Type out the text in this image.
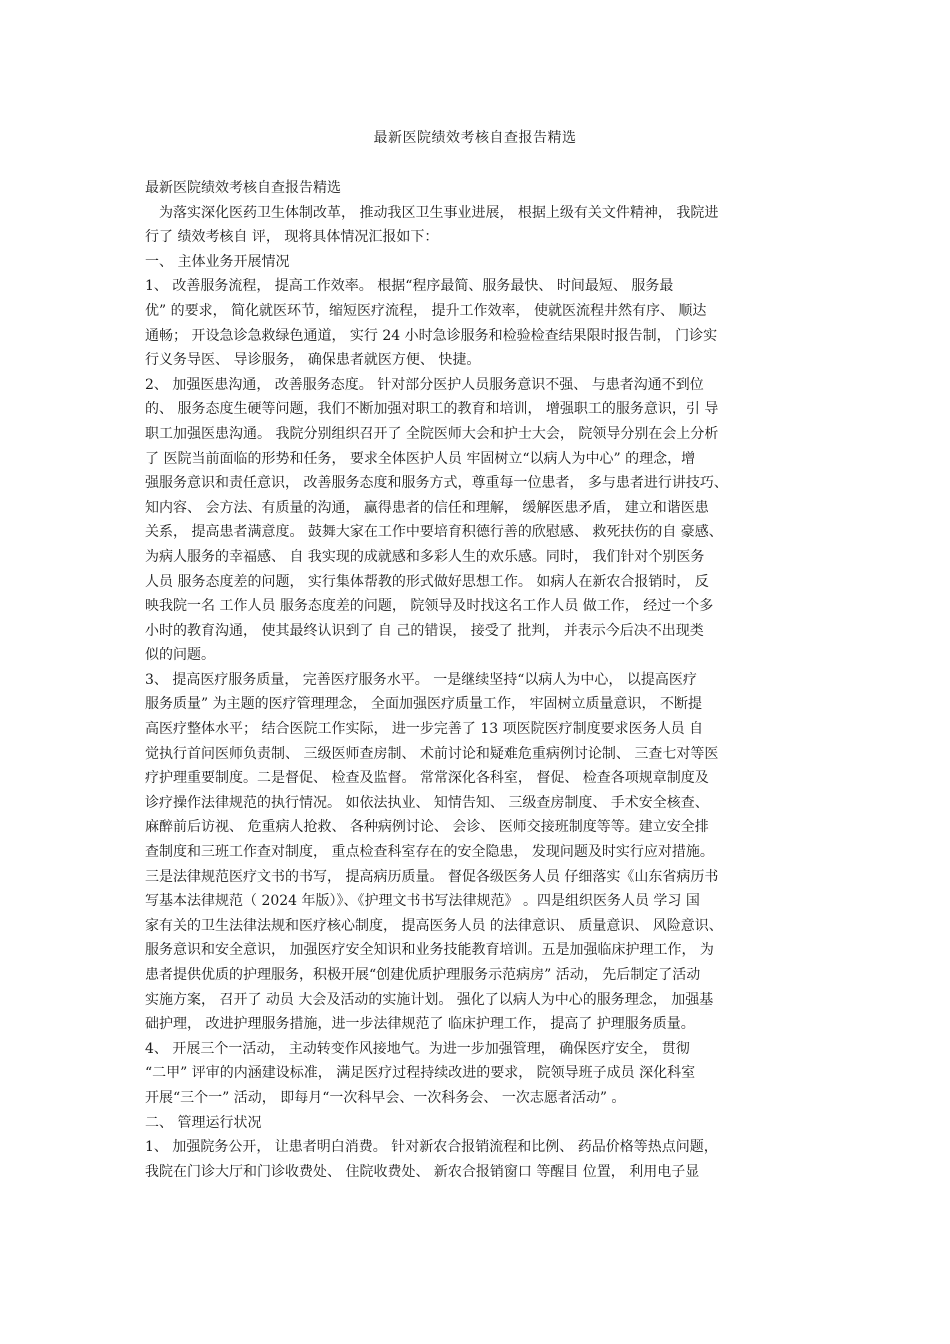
最新医院绩效考核自查报告精选
最新医院绩效考核自查报告精选
　为落实深化医药卫生体制改革， 推动我区卫生事业进展， 根据上级有关文件精神， 我院进
行了 绩效考核自 评， 现将具体情况汇报如下：
一、 主体业务开展情况
1、 改善服务流程， 提高工作效率。 根据“程序最简、服务最快、 时间最短、 服务最
优” 的要求， 简化就医环节，缩短医疗流程， 提升工作效率， 使就医流程井然有序、 顺达
通畅； 开设急诊急救绿色通道， 实行 24 小时急诊服务和检验检查结果限时报告制， 门诊实
行义务导医、 导诊服务， 确保患者就医方便、 快捷。
2、 加强医患沟通， 改善服务态度。 针对部分医护人员服务意识不强、 与患者沟通不到位
的、 服务态度生硬等问题，我们不断加强对职工的教育和培训， 增强职工的服务意识，引 导
职工加强医患沟通。 我院分别组织召开了 全院医师大会和护士大会， 院领导分别在会上分析
了 医院当前面临的形势和任务， 要求全体医护人员 牢固树立“以病人为中心” 的理念，增
强服务意识和责任意识， 改善服务态度和服务方式，尊重每一位患者， 多与患者进行讲技巧、
知内容、 会方法、有质量的沟通， 赢得患者的信任和理解， 缓解医患矛盾， 建立和谐医患
关系， 提高患者满意度。 鼓舞大家在工作中要培育积德行善的欣慰感、 救死扶伤的自 豪感、
为病人服务的幸福感、 自 我实现的成就感和多彩人生的欢乐感。同时， 我们针对个别医务
人员 服务态度差的问题， 实行集体帮教的形式做好思想工作。 如病人在新农合报销时， 反
映我院一名 工作人员 服务态度差的问题， 院领导及时找这名工作人员 做工作， 经过一个多
小时的教育沟通， 使其最终认识到了 自 己的错误， 接受了 批判， 并表示今后决不出现类
似的问题。
3、 提高医疗服务质量， 完善医疗服务水平。 一是继续坚持“以病人为中心， 以提高医疗
服务质量” 为主题的医疗管理理念， 全面加强医疗质量工作， 牢固树立质量意识， 不断提
高医疗整体水平； 结合医院工作实际， 进一步完善了 13 项医院医疗制度要求医务人员 自
觉执行首问医师负责制、 三级医师查房制、 术前讨论和疑难危重病例讨论制、 三查七对等医
疗护理重要制度。二是督促、 检查及监督。 常常深化各科室， 督促、 检查各项规章制度及
诊疗操作法律规范的执行情况。 如依法执业、 知情告知、 三级查房制度、 手术安全核查、
麻醉前后访视、 危重病人抢救、 各种病例讨论、 会诊、 医师交接班制度等等。建立安全排
查制度和三班工作查对制度， 重点检查科室存在的安全隐患， 发现问题及时实行应对措施。
三是法律规范医疗文书的书写， 提高病历质量。 督促各级医务人员 仔细落实《山东省病历书
写基本法律规范（ 2024 年版）》、《护理文书书写法律规范》 。四是组织医务人员 学习 国
家有关的卫生法律法规和医疗核心制度， 提高医务人员 的法律意识、 质量意识、 风险意识、
服务意识和安全意识， 加强医疗安全知识和业务技能教育培训。五是加强临床护理工作， 为
患者提供优质的护理服务，积极开展“创建优质护理服务示范病房” 活动， 先后制定了活动
实施方案， 召开了 动员 大会及活动的实施计划。 强化了以病人为中心的服务理念， 加强基
础护理， 改进护理服务措施，进一步法律规范了 临床护理工作， 提高了 护理服务质量。
4、 开展三个一活动， 主动转变作风接地气。为进一步加强管理， 确保医疗安全， 贯彻
“二甲” 评审的内涵建设标准， 满足医疗过程持续改进的要求， 院领导班子成员 深化科室
开展“三个一” 活动， 即每月“一次科早会、一次科务会、 一次志愿者活动” 。
二、 管理运行状况
1、 加强院务公开， 让患者明白消费。 针对新农合报销流程和比例、 药品价格等热点问题，
我院在门诊大厅和门诊收费处、 住院收费处、 新农合报销窗口 等醒目 位置， 利用电子显
